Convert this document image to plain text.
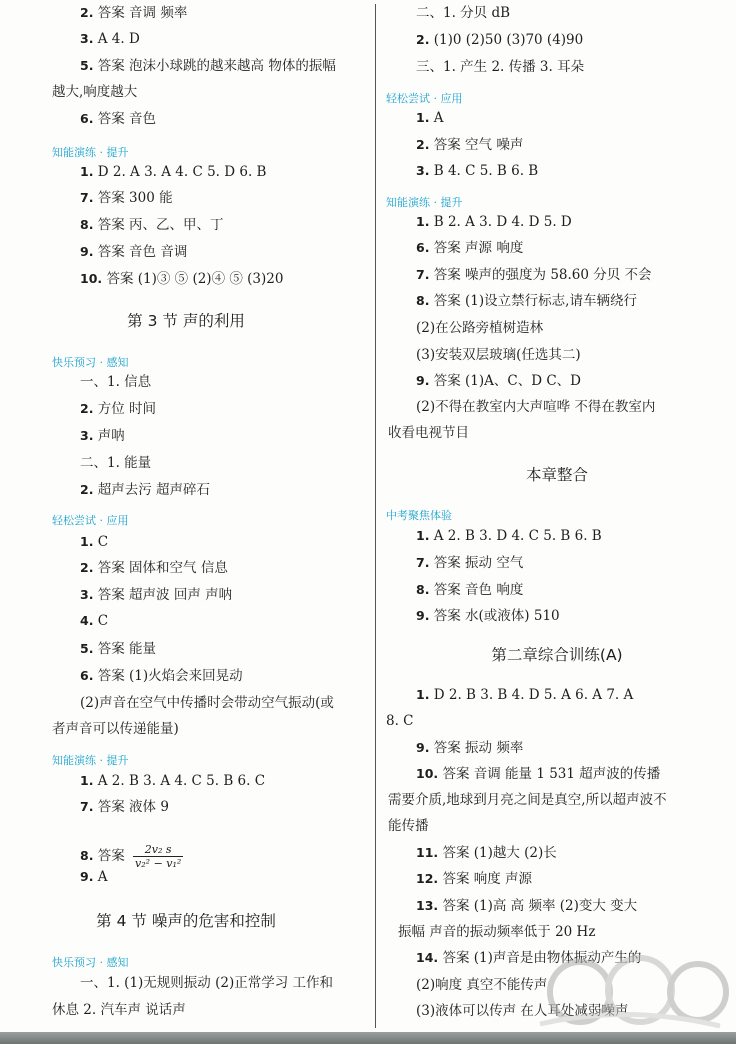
2. 答案 音调 频率
3. A 4. D
5. 答案 泡沫小球跳的越来越高 物体的振幅
越大,响度越大
6. 答案 音色
1. D 2. A 3. A 4. C 5. D 6. B
7. 答案 300 能
8. 答案 丙、乙、甲、丁
9. 答案 音色 音调
10. 答案 (1)③ ⑤ (2)④ ⑤ (3)20
一、1. 信息
2. 方位 时间
3. 声呐
二、1. 能量
2. 超声去污 超声碎石
1. C
2. 答案 固体和空气 信息
3. 答案 超声波 回声 声呐
4. C
5. 答案 能量
6. 答案 (1)火焰会来回晃动
(2)声音在空气中传播时会带动空气振动(或
者声音可以传递能量)
1. A 2. B 3. A 4. C 5. B 6. C
7. 答案 液体 9
9. A
一、1. (1)无规则振动 (2)正常学习 工作和
休息 2. 汽车声 说话声
知能演练 · 提升
快乐预习 · 感知
轻松尝试 · 应用
知能演练 · 提升
快乐预习 · 感知
第 3 节 声的利用
第 4 节 噪声的危害和控制
二、1. 分贝 dB
2. (1)0 (2)50 (3)70 (4)90
三、1. 产生 2. 传播 3. 耳朵
1. A
2. 答案 空气 噪声
3. B 4. C 5. B 6. B
1. B 2. A 3. D 4. D 5. D
6. 答案 声源 响度
7. 答案 噪声的强度为 58.60 分贝 不会
8. 答案 (1)设立禁行标志,请车辆绕行
(2)在公路旁植树造林
(3)安装双层玻璃(任选其二)
9. 答案 (1)A、C、D C、D
(2)不得在教室内大声喧哗 不得在教室内
收看电视节目
1. A 2. B 3. D 4. C 5. B 6. B
7. 答案 振动 空气
8. 答案 音色 响度
9. 答案 水(或液体) 510
1. D 2. B 3. B 4. D 5. A 6. A 7. A
8. C
9. 答案 振动 频率
10. 答案 音调 能量 1 531 超声波的传播
需要介质,地球到月亮之间是真空,所以超声波不
能传播
11. 答案 (1)越大 (2)长
12. 答案 响度 声源
13. 答案 (1)高 高 频率 (2)变大 变大
振幅 声音的振动频率低于 20 Hz
14. 答案 (1)声音是由物体振动产生的
(2)响度 真空不能传声
(3)液体可以传声 在人耳处减弱噪声
轻松尝试 · 应用
知能演练 · 提升
中考聚焦体验
本章整合
第二章综合训练(A)
8. 答案 $\frac{\text{2v₂ s}}{\text{v₂² − v₁²}}$
